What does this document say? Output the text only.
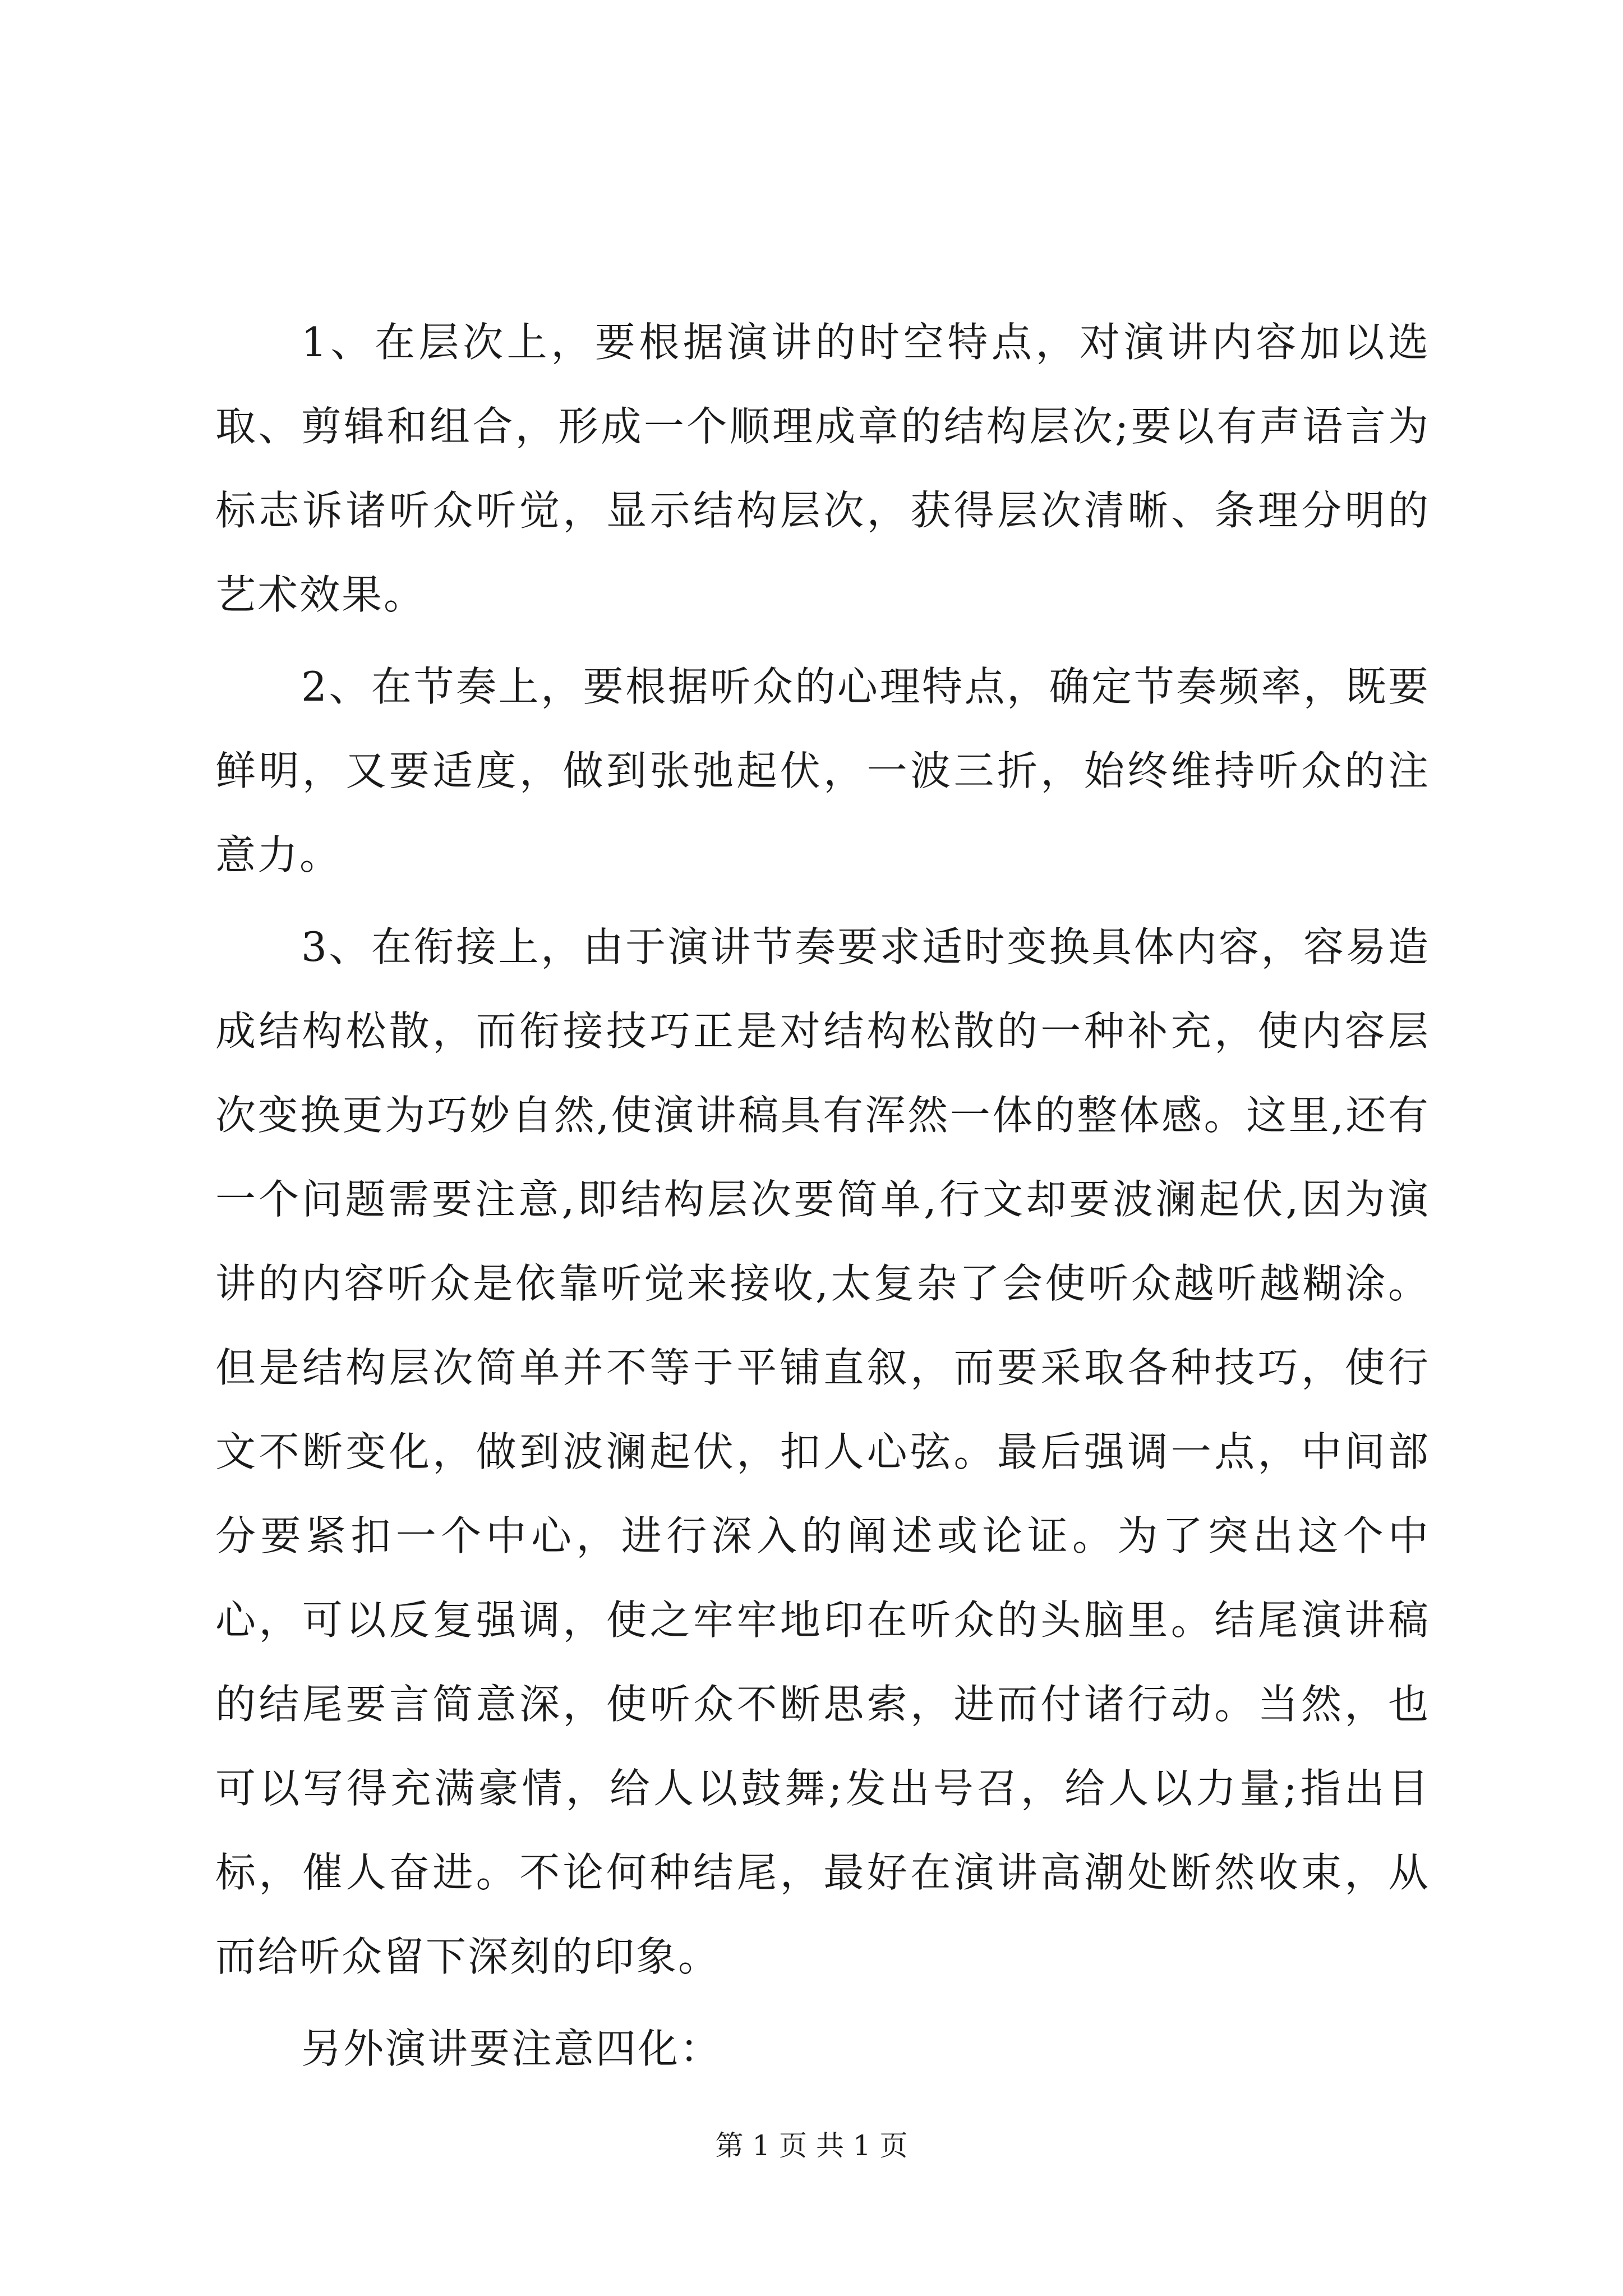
1、在层次上，要根据演讲的时空特点，对演讲内容加以选取、剪辑和组合，形成一个顺理成章的结构层次;要以有声语言为标志诉诸听众听觉，显示结构层次，获得层次清晰、条理分明的艺术效果。

2、在节奏上，要根据听众的心理特点，确定节奏频率，既要鲜明，又要适度，做到张弛起伏，一波三折，始终维持听众的注意力。

3、在衔接上，由于演讲节奏要求适时变换具体内容，容易造成结构松散，而衔接技巧正是对结构松散的一种补充，使内容层次变换更为巧妙自然,使演讲稿具有浑然一体的整体感。这里,还有一个问题需要注意,即结构层次要简单,行文却要波澜起伏,因为演讲的内容听众是依靠听觉来接收,太复杂了会使听众越听越糊涂。但是结构层次简单并不等于平铺直叙，而要采取各种技巧，使行文不断变化，做到波澜起伏，扣人心弦。最后强调一点，中间部分要紧扣一个中心，进行深入的阐述或论证。为了突出这个中心，可以反复强调，使之牢牢地印在听众的头脑里。结尾演讲稿的结尾要言简意深，使听众不断思索，进而付诸行动。当然，也可以写得充满豪情，给人以鼓舞;发出号召，给人以力量;指出目标，催人奋进。不论何种结尾，最好在演讲高潮处断然收束，从而给听众留下深刻的印象。

另外演讲要注意四化：

第 1 页 共 1 页
